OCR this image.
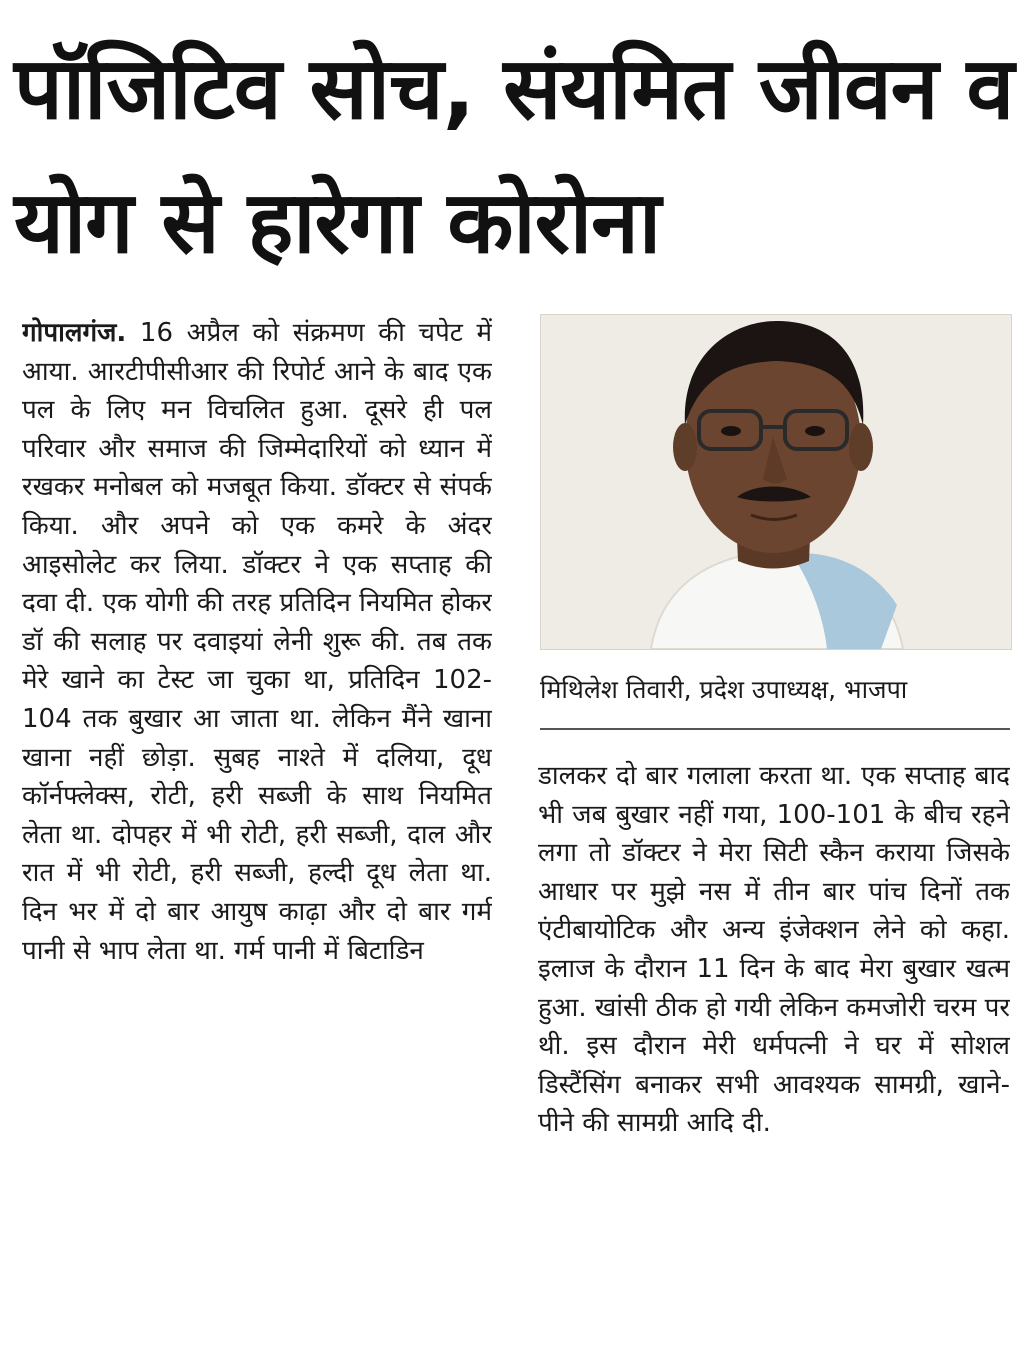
पॉजिटिव सोच, संयमित जीवन व योग से हारेगा कोरोना

गोपालगंज. 16 अप्रैल को संक्रमण की चपेट में आया. आरटीपीसीआर की रिपोर्ट आने के बाद एक पल के लिए मन विचलित हुआ. दूसरे ही पल परिवार और समाज की जिम्मेदारियों को ध्यान में रखकर मनोबल को मजबूत किया. डॉक्टर से संपर्क किया. और अपने को एक कमरे के अंदर आइसोलेट कर लिया. डॉक्टर ने एक सप्ताह की दवा दी. एक योगी की तरह प्रतिदिन नियमित होकर डॉ की सलाह पर दवाइयां लेनी शुरू की. तब तक मेरे खाने का टेस्ट जा चुका था, प्रतिदिन 102-104 तक बुखार आ जाता था. लेकिन मैंने खाना खाना नहीं छोड़ा. सुबह नाश्ते में दलिया, दूध कॉर्नफ्लेक्स, रोटी, हरी सब्जी के साथ नियमित लेता था. दोपहर में भी रोटी, हरी सब्जी, दाल और रात में भी रोटी, हरी सब्जी, हल्दी दूध लेता था. दिन भर में दो बार आयुष काढ़ा और दो बार गर्म पानी से भाप लेता था. गर्म पानी में बिटाडिन

मिथिलेश तिवारी, प्रदेश उपाध्यक्ष, भाजपा

डालकर दो बार गलाला करता था. एक सप्ताह बाद भी जब बुखार नहीं गया, 100-101 के बीच रहने लगा तो डॉक्टर ने मेरा सिटी स्कैन कराया जिसके आधार पर मुझे नस में तीन बार पांच दिनों तक एंटीबायोटिक और अन्य इंजेक्शन लेने को कहा. इलाज के दौरान 11 दिन के बाद मेरा बुखार खत्म हुआ. खांसी ठीक हो गयी लेकिन कमजोरी चरम पर थी. इस दौरान मेरी धर्मपत्नी ने घर में सोशल डिस्टैंसिंग बनाकर सभी आवश्यक सामग्री, खाने-पीने की सामग्री आदि दी.
